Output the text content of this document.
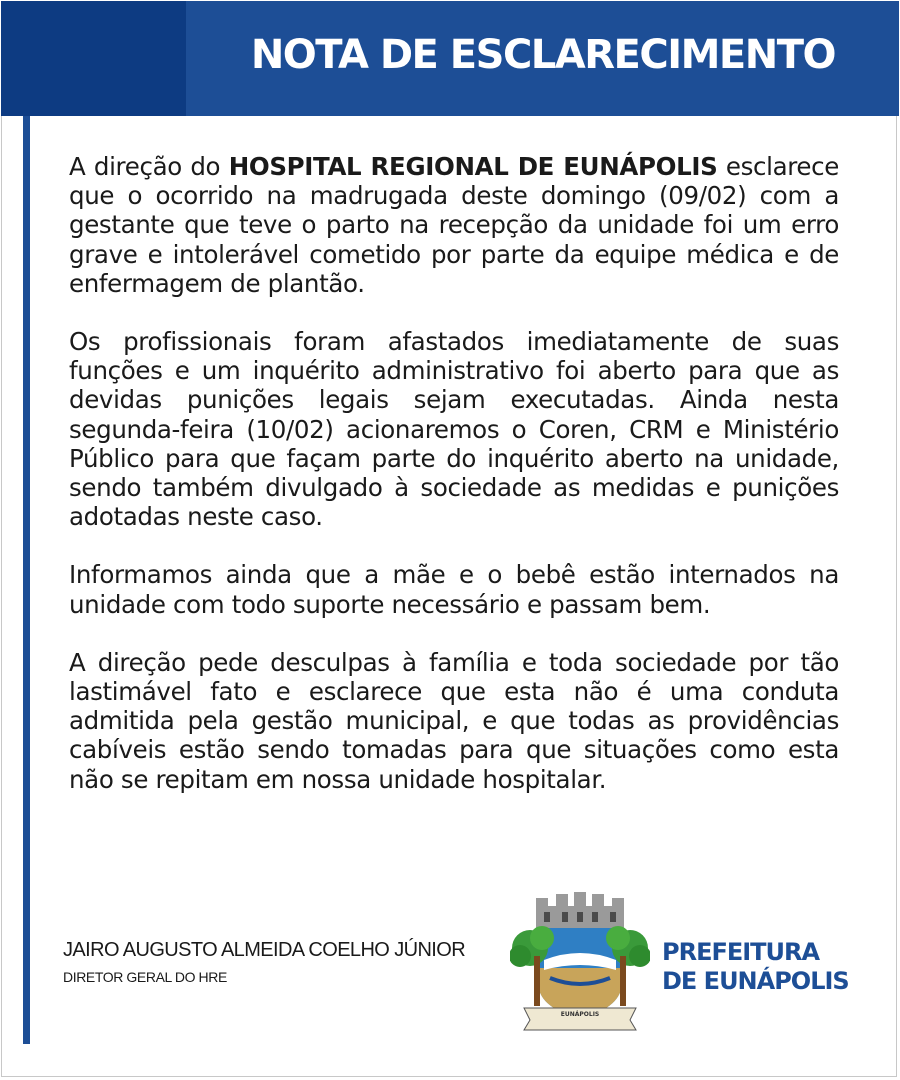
NOTA DE ESCLARECIMENTO

A direção do HOSPITAL REGIONAL DE EUNÁPOLIS esclarece que o ocorrido na madrugada deste domingo (09/02) com a gestante que teve o parto na recepção da unidade foi um erro grave e intolerável cometido por parte da equipe médica e de enfermagem de plantão.

Os profissionais foram afastados imediatamente de suas funções e um inquérito administrativo foi aberto para que as devidas punições legais sejam executadas. Ainda nesta segunda-feira (10/02) acionaremos o Coren, CRM e Ministério Público para que façam parte do inquérito aberto na unidade, sendo também divulgado à sociedade as medidas e punições adotadas neste caso.

Informamos ainda que a mãe e o bebê estão internados na unidade com todo suporte necessário e passam bem.

A direção pede desculpas à família e toda sociedade por tão lastimável fato e esclarece que esta não é uma conduta admitida pela gestão municipal, e que todas as providências cabíveis estão sendo tomadas para que situações como esta não se repitam em nossa unidade hospitalar.

JAIRO AUGUSTO ALMEIDA COELHO JÚNIOR
DIRETOR GERAL DO HRE
EUNÁPOLIS
PREFEITURA
DE EUNÁPOLIS
